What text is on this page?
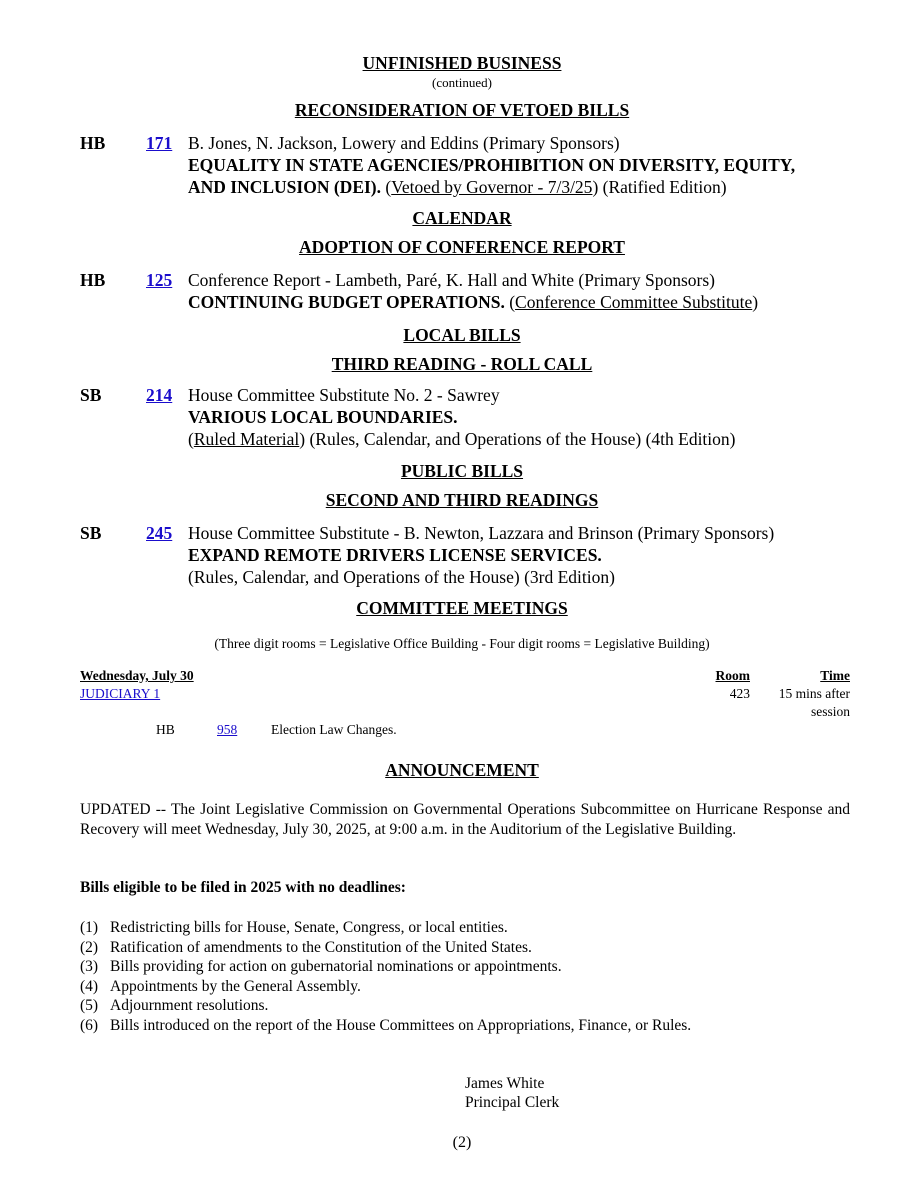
UNFINISHED BUSINESS
(continued)
RECONSIDERATION OF VETOED BILLS
HB 171 B. Jones, N. Jackson, Lowery and Eddins (Primary Sponsors)
EQUALITY IN STATE AGENCIES/PROHIBITION ON DIVERSITY, EQUITY,
AND INCLUSION (DEI). (Vetoed by Governor - 7/3/25) (Ratified Edition)
CALENDAR
ADOPTION OF CONFERENCE REPORT
HB 125 Conference Report - Lambeth, Paré, K. Hall and White (Primary Sponsors)
CONTINUING BUDGET OPERATIONS. (Conference Committee Substitute)
LOCAL BILLS
THIRD READING - ROLL CALL
SB	214 House Committee Substitute No. 2 - Sawrey
VARIOUS LOCAL BOUNDARIES.
(Ruled Material) (Rules, Calendar, and Operations of the House) (4th Edition)
PUBLIC BILLS
SECOND AND THIRD READINGS
SB	245 House Committee Substitute - B. Newton, Lazzara and Brinson (Primary Sponsors)
EXPAND REMOTE DRIVERS LICENSE SERVICES.
(Rules, Calendar, and Operations of the House) (3rd Edition)
COMMITTEE MEETINGS
(Three digit rooms = Legislative Office Building - Four digit rooms = Legislative Building)
Wednesday, July 30	Room	Time
JUDICIARY 1	423	15 mins after
session
HB	958	Election Law Changes.
ANNOUNCEMENT
UPDATED -- The Joint Legislative Commission on Governmental Operations Subcommittee on Hurricane Response and Recovery will meet Wednesday, July 30, 2025, at 9:00 a.m. in the Auditorium of the Legislative Building.
Bills eligible to be filed in 2025 with no deadlines:
(1) Redistricting bills for House, Senate, Congress, or local entities.
(2) Ratification of amendments to the Constitution of the United States.
(3) Bills providing for action on gubernatorial nominations or appointments.
(4) Appointments by the General Assembly.
(5) Adjournment resolutions.
(6) Bills introduced on the report of the House Committees on Appropriations, Finance, or Rules.
James White
Principal Clerk
(2)
